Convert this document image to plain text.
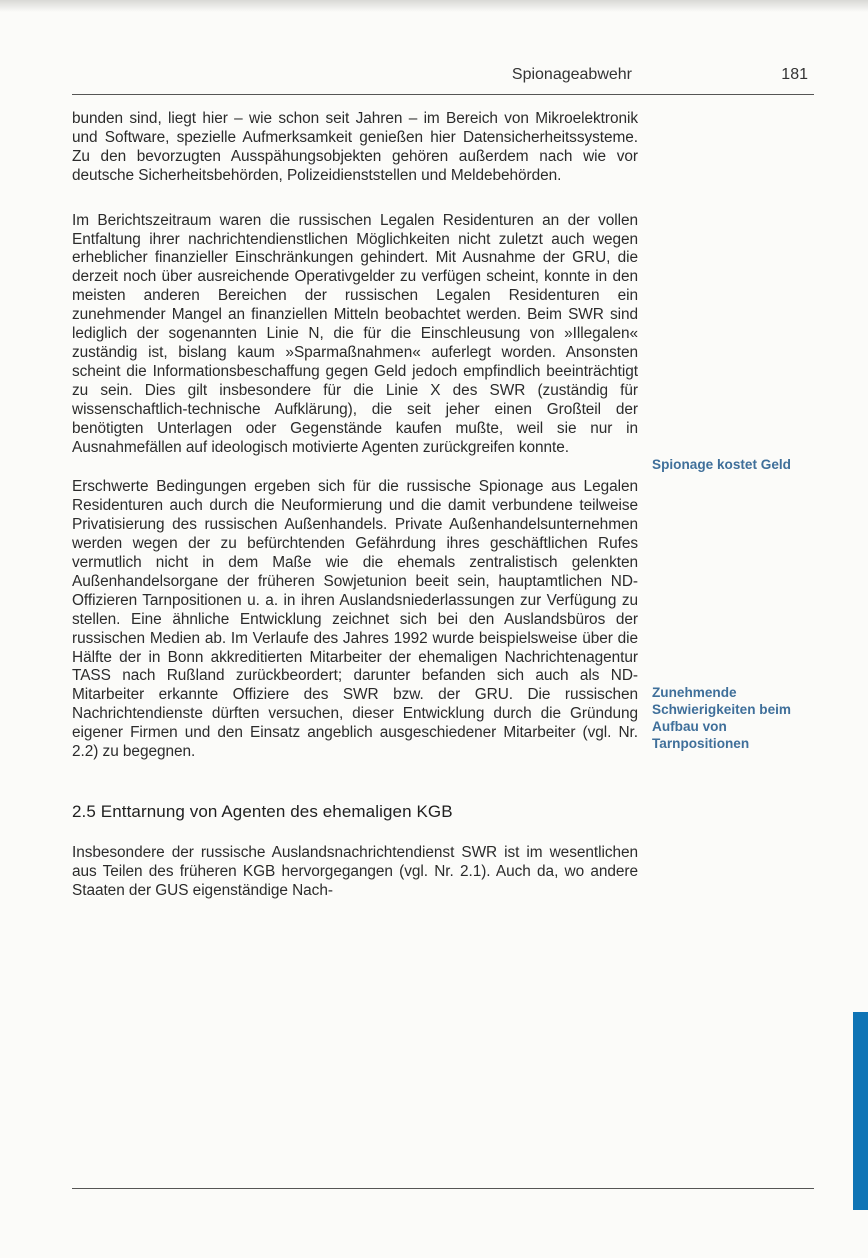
Spionageabwehr	181

bunden sind, liegt hier – wie schon seit Jahren – im Bereich von Mikroelektronik und Software, spezielle Aufmerksamkeit genießen hier Datensicherheitssysteme. Zu den bevorzugten Ausspähungsobjekten gehören außerdem nach wie vor deutsche Sicherheitsbehörden, Polizeidienststellen und Meldebehörden.

Im Berichtszeitraum waren die russischen Legalen Residenturen an der vollen Entfaltung ihrer nachrichtendienstlichen Möglichkeiten nicht zuletzt auch wegen erheblicher finanzieller Einschränkungen gehindert. Mit Ausnahme der GRU, die derzeit noch über ausreichende Operativgelder zu verfügen scheint, konnte in den meisten anderen Bereichen der russischen Legalen Residenturen ein zunehmender Mangel an finanziellen Mitteln beobachtet werden. Beim SWR sind lediglich der sogenannten Linie N, die für die Einschleusung von »Illegalen« zuständig ist, bislang kaum »Sparmaßnahmen« auferlegt worden. Ansonsten scheint die Informationsbeschaffung gegen Geld jedoch empfindlich beeinträchtigt zu sein. Dies gilt insbesondere für die Linie X des SWR (zuständig für wissenschaftlich-technische Aufklärung), die seit jeher einen Großteil der benötigten Unterlagen oder Gegenstände kaufen mußte, weil sie nur in Ausnahmefällen auf ideologisch motivierte Agenten zurückgreifen konnte.

Erschwerte Bedingungen ergeben sich für die russische Spionage aus Legalen Residenturen auch durch die Neuformierung und die damit verbundene teilweise Privatisierung des russischen Außenhandels. Private Außenhandelsunternehmen werden wegen der zu befürchtenden Gefährdung ihres geschäftlichen Rufes vermutlich nicht in dem Maße wie die ehemals zentralistisch gelenkten Außenhandelsorgane der früheren Sowjetunion beeit sein, hauptamtlichen ND-Offizieren Tarnpositionen u. a. in ihren Auslandsniederlassungen zur Verfügung zu stellen. Eine ähnliche Entwicklung zeichnet sich bei den Auslandsbüros der russischen Medien ab. Im Verlaufe des Jahres 1992 wurde beispielsweise über die Hälfte der in Bonn akkreditierten Mitarbeiter der ehemaligen Nachrichtenagentur TASS nach Rußland zurückbeordert; darunter befanden sich auch als ND-Mitarbeiter erkannte Offiziere des SWR bzw. der GRU. Die russischen Nachrichtendienste dürften versuchen, dieser Entwicklung durch die Gründung eigener Firmen und den Einsatz angeblich ausgeschiedener Mitarbeiter (vgl. Nr. 2.2) zu begegnen.

2.5 Enttarnung von Agenten des ehemaligen KGB

Insbesondere der russische Auslandsnachrichtendienst SWR ist im wesentlichen aus Teilen des früheren KGB hervorgegangen (vgl. Nr. 2.1). Auch da, wo andere Staaten der GUS eigenständige Nach-

Spionage kostet Geld
Zunehmende Schwierigkeiten beim Aufbau von Tarnpositionen
